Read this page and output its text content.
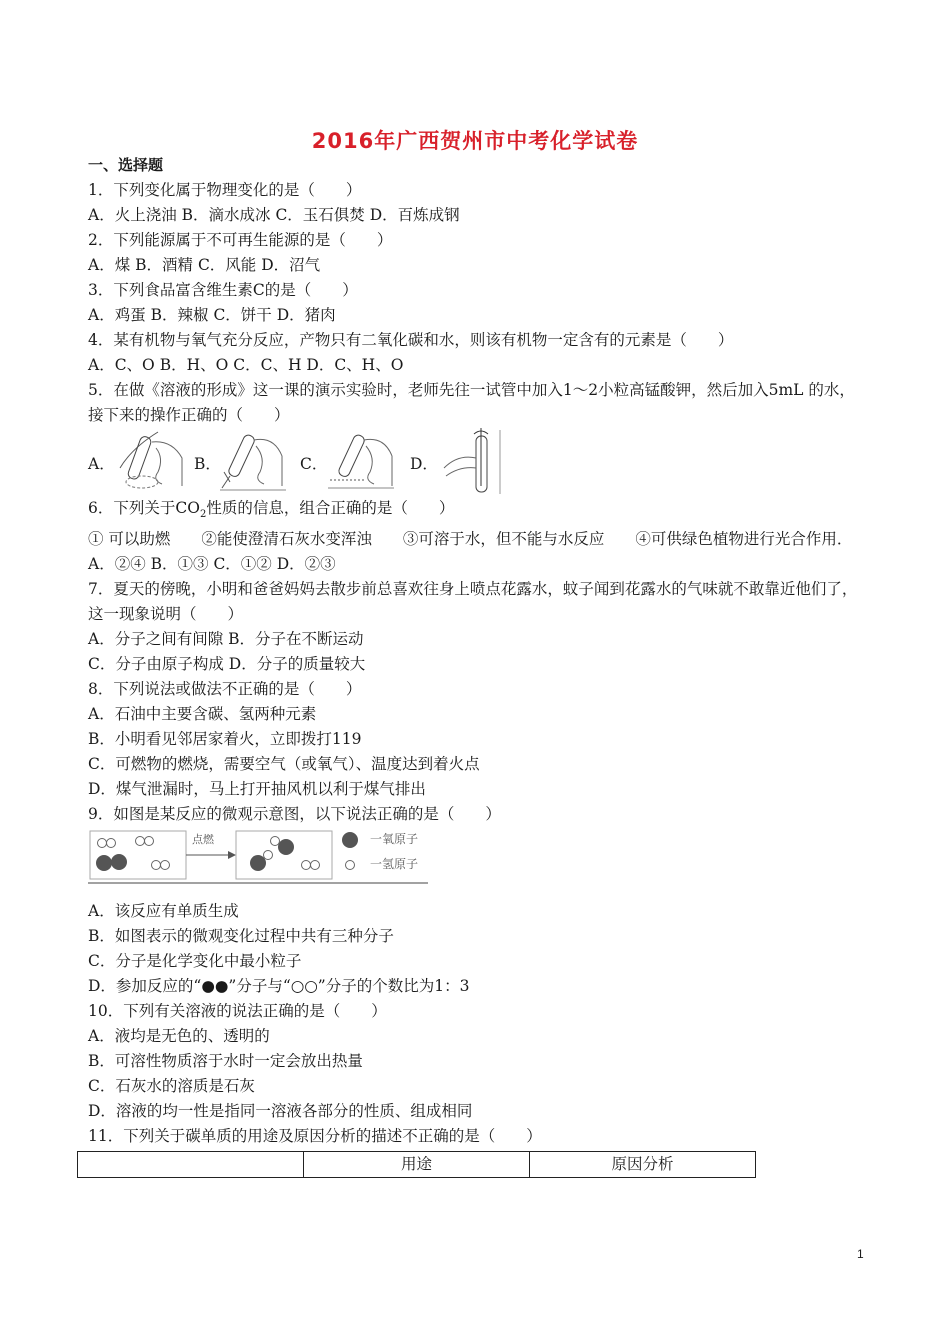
2016年广西贺州市中考化学试卷
一、选择题
1．下列变化属于物理变化的是（　　）
A．火上浇油 B．滴水成冰 C．玉石俱焚 D．百炼成钢
2．下列能源属于不可再生能源的是（　　）
A．煤 B．酒精 C．风能 D．沼气
3．下列食品富含维生素C的是（　　）
A．鸡蛋 B．辣椒 C．饼干 D．猪肉
4．某有机物与氧气充分反应，产物只有二氧化碳和水，则该有机物一定含有的元素是（　　）
A．C、O B．H、O C．C、H D．C、H、O
5．在做《溶液的形成》这一课的演示实验时，老师先往一试管中加入1～2小粒高锰酸钾，然后加入5mL 的水，接下来的操作正确的（　　）
A．	B．	C．	D．
6．下列关于$CO_2$性质的信息，组合正确的是（　　）
① 可以助燃　　②能使澄清石灰水变浑浊　　③可溶于水，但不能与水反应　　④可供绿色植物进行光合作用．
A．②④ B．①③ C．①② D．②③
7．夏天的傍晚，小明和爸爸妈妈去散步前总喜欢往身上喷点花露水，蚊子闻到花露水的气味就不敢靠近他们了，这一现象说明（　　）
A．分子之间有间隙 B．分子在不断运动
C．分子由原子构成 D．分子的质量较大
8．下列说法或做法不正确的是（　　）
A．石油中主要含碳、氢两种元素
B．小明看见邻居家着火，立即拨打119
C．可燃物的燃烧，需要空气（或氧气）、温度达到着火点
D．煤气泄漏时，马上打开抽风机以利于煤气排出
9．如图是某反应的微观示意图，以下说法正确的是（　　）
点燃	一氧原子
一氢原子
A．该反应有单质生成
B．如图表示的微观变化过程中共有三种分子
C．分子是化学变化中最小粒子
D．参加反应的“●●”分子与“○○”分子的个数比为1：3
10．下列有关溶液的说法正确的是（　　）
A．液均是无色的、透明的
B．可溶性物质溶于水时一定会放出热量
C．石灰水的溶质是石灰
D．溶液的均一性是指同一溶液各部分的性质、组成相同
11．下列关于碳单质的用途及原因分析的描述不正确的是（　　）
	用途	原因分析
1
